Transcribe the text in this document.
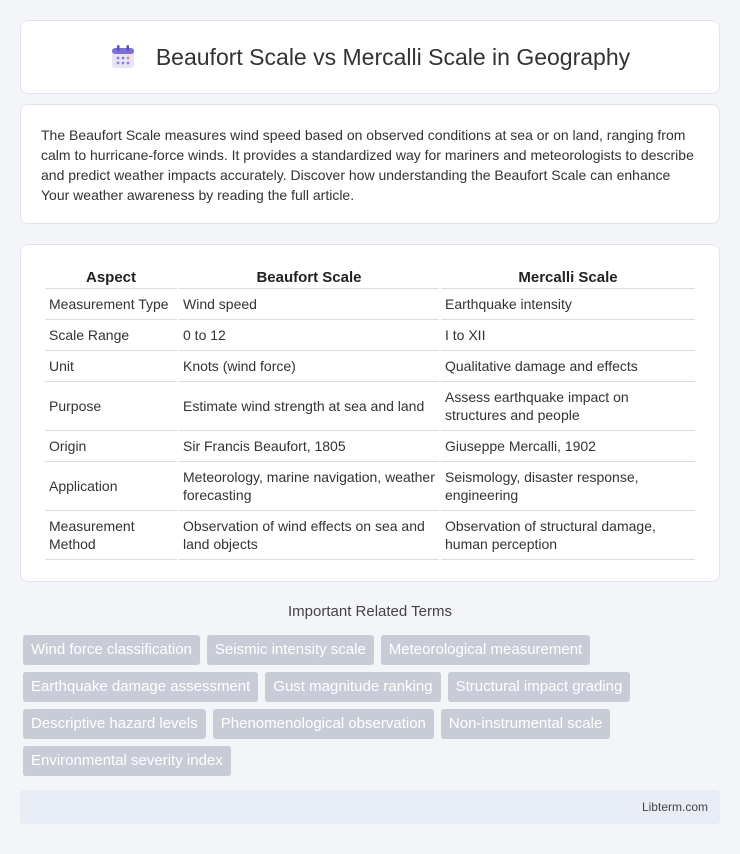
Beaufort Scale vs Mercalli Scale in Geography

The Beaufort Scale measures wind speed based on observed conditions at sea or on land, ranging from calm to hurricane-force winds. It provides a standardized way for mariners and meteorologists to describe and predict weather impacts accurately. Discover how understanding the Beaufort Scale can enhance Your weather awareness by reading the full article.

Aspect	Beaufort Scale	Mercalli Scale
Measurement Type	Wind speed	Earthquake intensity
Scale Range	0 to 12	I to XII
Unit	Knots (wind force)	Qualitative damage and effects
Purpose	Estimate wind strength at sea and land	Assess earthquake impact on structures and people
Origin	Sir Francis Beaufort, 1805	Giuseppe Mercalli, 1902
Application	Meteorology, marine navigation, weather forecasting	Seismology, disaster response, engineering
Measurement Method	Observation of wind effects on sea and land objects	Observation of structural damage, human perception
Important Related Terms
Wind force classification	Seismic intensity scale	Meteorological measurement
Earthquake damage assessment	Gust magnitude ranking	Structural impact grading
Descriptive hazard levels	Phenomenological observation	Non-instrumental scale
Environmental severity index
Libterm.com
